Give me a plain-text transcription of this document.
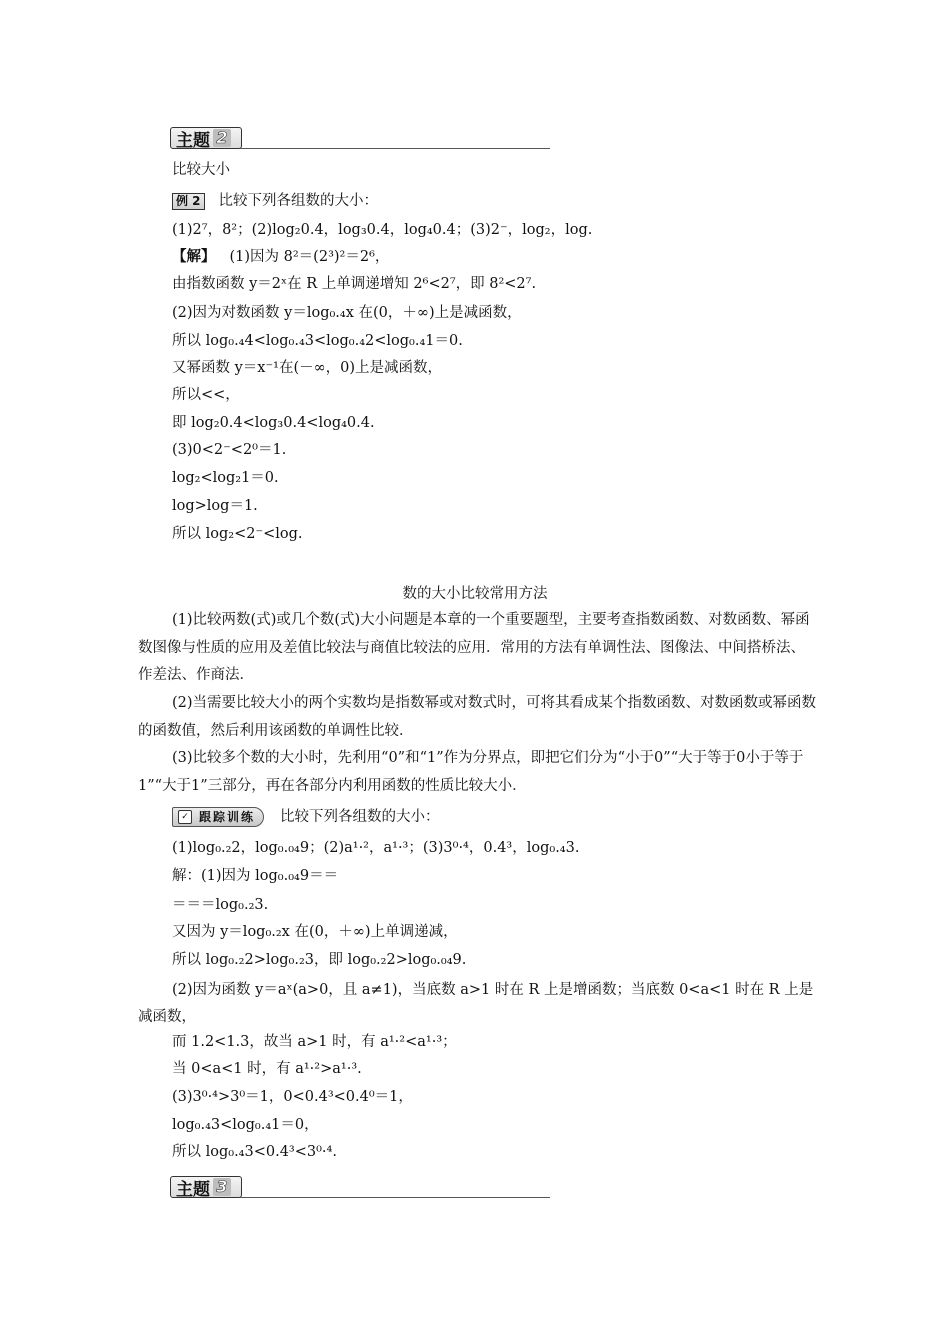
主题 2
比较大小
例 2 比较下列各组数的大小：
(1)2⁷，8²；(2)log₂0.4，log₃0.4，log₄0.4；(3)2⁻，log₂，log.
【解】 (1)因为 8²＝(2³)²＝2⁶，
由指数函数 y＝2ˣ在 R 上单调递增知 2⁶<2⁷，即 8²<2⁷.
(2)因为对数函数 y＝log₀.₄x 在(0，＋∞)上是减函数，
所以 log₀.₄4<log₀.₄3<log₀.₄2<log₀.₄1＝0.
又幂函数 y＝x⁻¹在(－∞，0)上是减函数，
所以<<，
即 log₂0.4<log₃0.4<log₄0.4.
(3)0<2⁻<2⁰＝1.
log₂<log₂1＝0.
log>log＝1.
所以 log₂<2⁻<log.
数的大小比较常用方法
(1)比较两数(式)或几个数(式)大小问题是本章的一个重要题型，主要考查指数函数、对数函数、幂函数图像与性质的应用及差值比较法与商值比较法的应用．常用的方法有单调性法、图像法、中间搭桥法、作差法、作商法．
(2)当需要比较大小的两个实数均是指数幂或对数式时，可将其看成某个指数函数、对数函数或幂函数的函数值，然后利用该函数的单调性比较．
(3)比较多个数的大小时，先利用“0”和“1”作为分界点，即把它们分为“小于0”“大于等于0小于等于1”“大于1”三部分，再在各部分内利用函数的性质比较大小．
✓ 跟踪训练 比较下列各组数的大小：
(1)log₀.₂2，log₀.₀₄9；(2)a¹·²，a¹·³；(3)3⁰·⁴，0.4³，log₀.₄3.
解：(1)因为 log₀.₀₄9＝＝
＝＝＝log₀.₂3.
又因为 y＝log₀.₂x 在(0，＋∞)上单调递减，
所以 log₀.₂2>log₀.₂3，即 log₀.₂2>log₀.₀₄9.
(2)因为函数 y＝aˣ(a>0，且 a≠1)，当底数 a>1 时在 R 上是增函数；当底数 0<a<1 时在 R 上是减函数，
而 1.2<1.3，故当 a>1 时，有 a¹·²<a¹·³；
当 0<a<1 时，有 a¹·²>a¹·³.
(3)3⁰·⁴>3⁰＝1，0<0.4³<0.4⁰＝1，
log₀.₄3<log₀.₄1＝0，
所以 log₀.₄3<0.4³<3⁰·⁴.
主题 3
